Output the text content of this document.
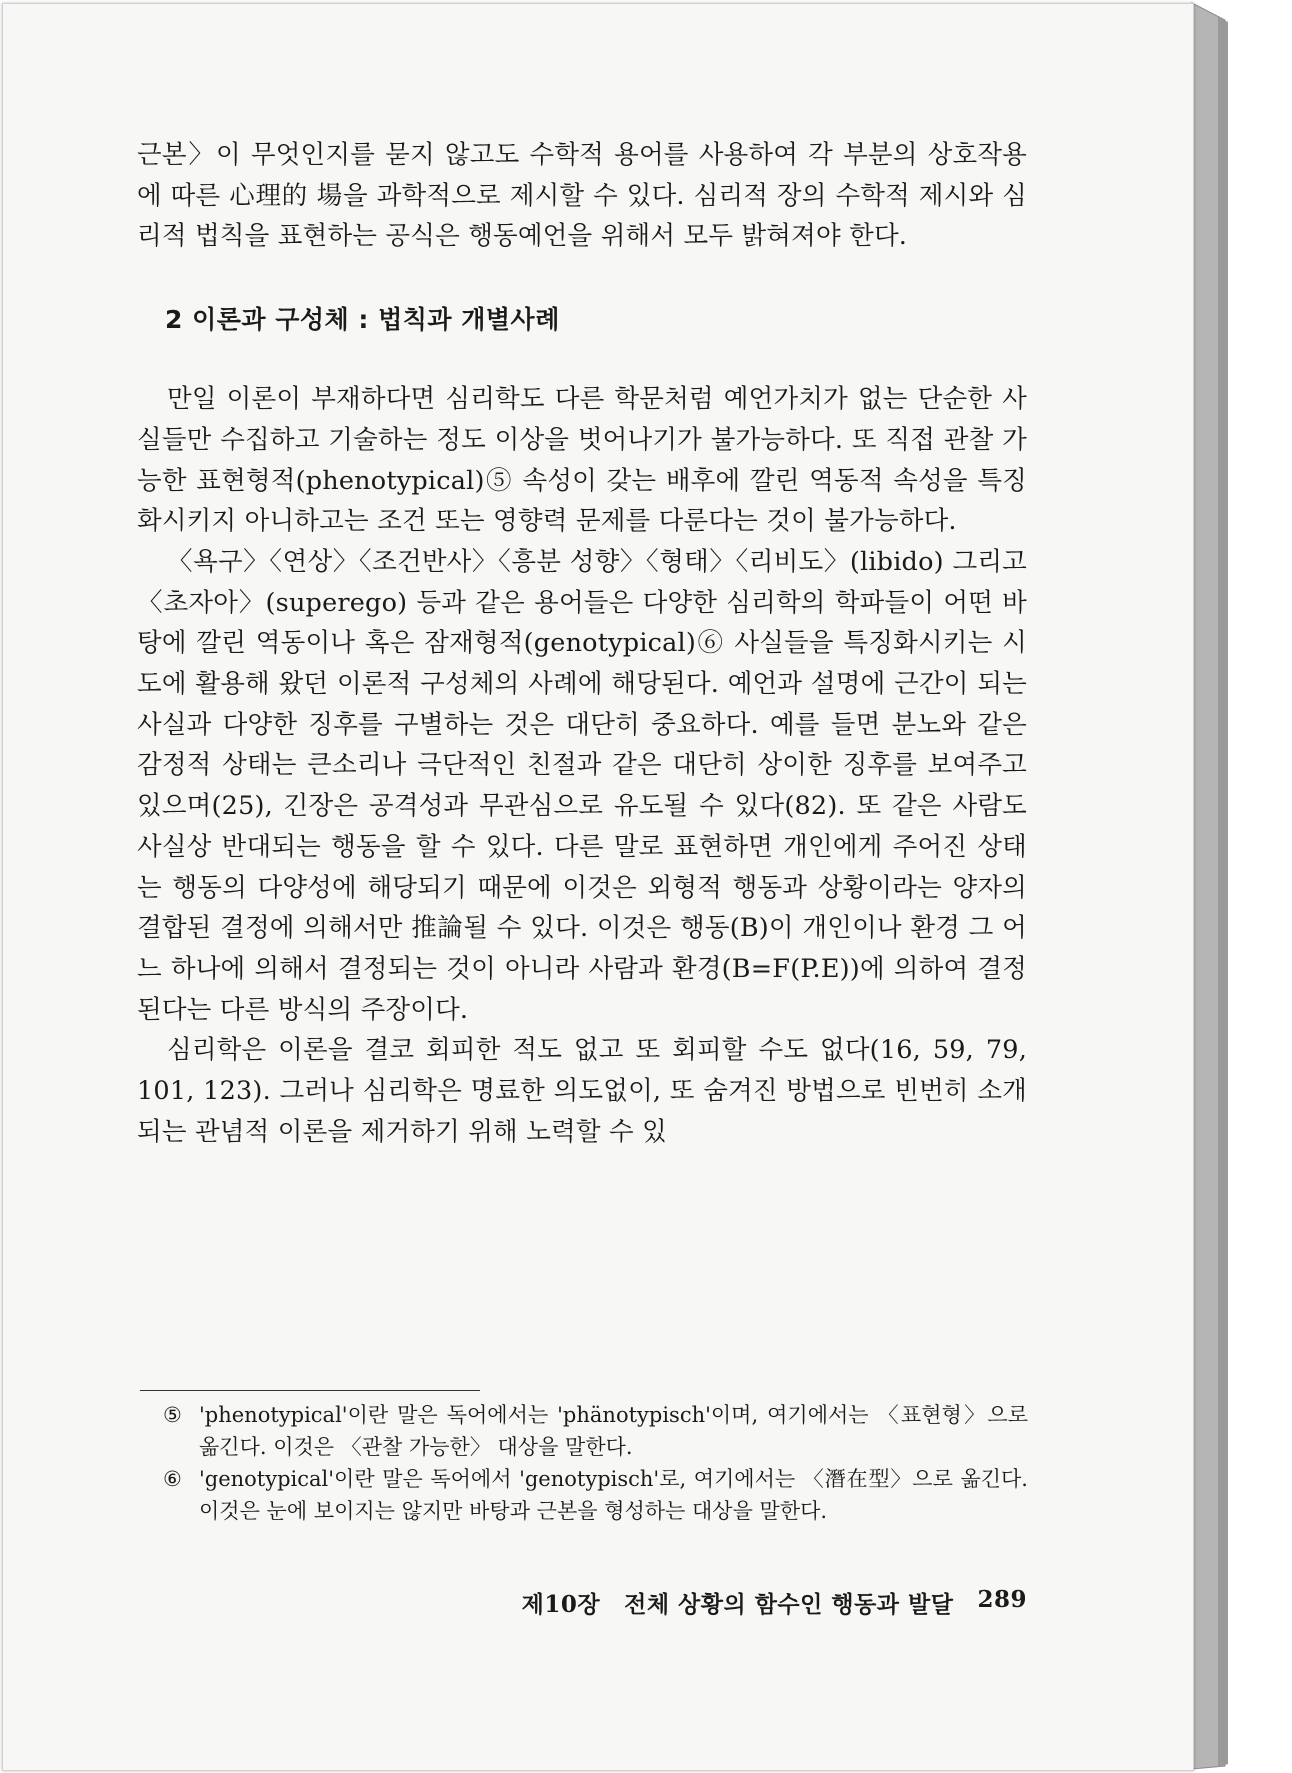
근본〉이 무엇인지를 묻지 않고도 수학적 용어를 사용하여 각 부분의 상호작용에 따른 心理的 場을 과학적으로 제시할 수 있다. 심리적 장의 수학적 제시와 심리적 법칙을 표현하는 공식은 행동예언을 위해서 모두 밝혀져야 한다.

2 이론과 구성체 : 법칙과 개별사례

만일 이론이 부재하다면 심리학도 다른 학문처럼 예언가치가 없는 단순한 사실들만 수집하고 기술하는 정도 이상을 벗어나기가 불가능하다. 또 직접 관찰 가능한 표현형적(phenotypical)⑤ 속성이 갖는 배후에 깔린 역동적 속성을 특징화시키지 아니하고는 조건 또는 영향력 문제를 다룬다는 것이 불가능하다.

〈욕구〉〈연상〉〈조건반사〉〈흥분 성향〉〈형태〉〈리비도〉(libido) 그리고 〈초자아〉(superego) 등과 같은 용어들은 다양한 심리학의 학파들이 어떤 바탕에 깔린 역동이나 혹은 잠재형적(genotypical)⑥ 사실들을 특징화시키는 시도에 활용해 왔던 이론적 구성체의 사례에 해당된다. 예언과 설명에 근간이 되는 사실과 다양한 징후를 구별하는 것은 대단히 중요하다. 예를 들면 분노와 같은 감정적 상태는 큰소리나 극단적인 친절과 같은 대단히 상이한 징후를 보여주고 있으며(25), 긴장은 공격성과 무관심으로 유도될 수 있다(82). 또 같은 사람도 사실상 반대되는 행동을 할 수 있다. 다른 말로 표현하면 개인에게 주어진 상태는 행동의 다양성에 해당되기 때문에 이것은 외형적 행동과 상황이라는 양자의 결합된 결정에 의해서만 推論될 수 있다. 이것은 행동(B)이 개인이나 환경 그 어느 하나에 의해서 결정되는 것이 아니라 사람과 환경(B=F(P.E))에 의하여 결정된다는 다른 방식의 주장이다.

심리학은 이론을 결코 회피한 적도 없고 또 회피할 수도 없다(16, 59, 79, 101, 123). 그러나 심리학은 명료한 의도없이, 또 숨겨진 방법으로 빈번히 소개되는 관념적 이론을 제거하기 위해 노력할 수 있

⑤ 'phenotypical'이란 말은 독어에서는 'phänotypisch'이며, 여기에서는 〈표현형〉으로 옮긴다. 이것은 〈관찰 가능한〉 대상을 말한다.
⑥ 'genotypical'이란 말은 독어에서 'genotypisch'로, 여기에서는 〈潛在型〉으로 옮긴다. 이것은 눈에 보이지는 않지만 바탕과 근본을 형성하는 대상을 말한다.
제10장 전체 상황의 함수인 행동과 발달 289
